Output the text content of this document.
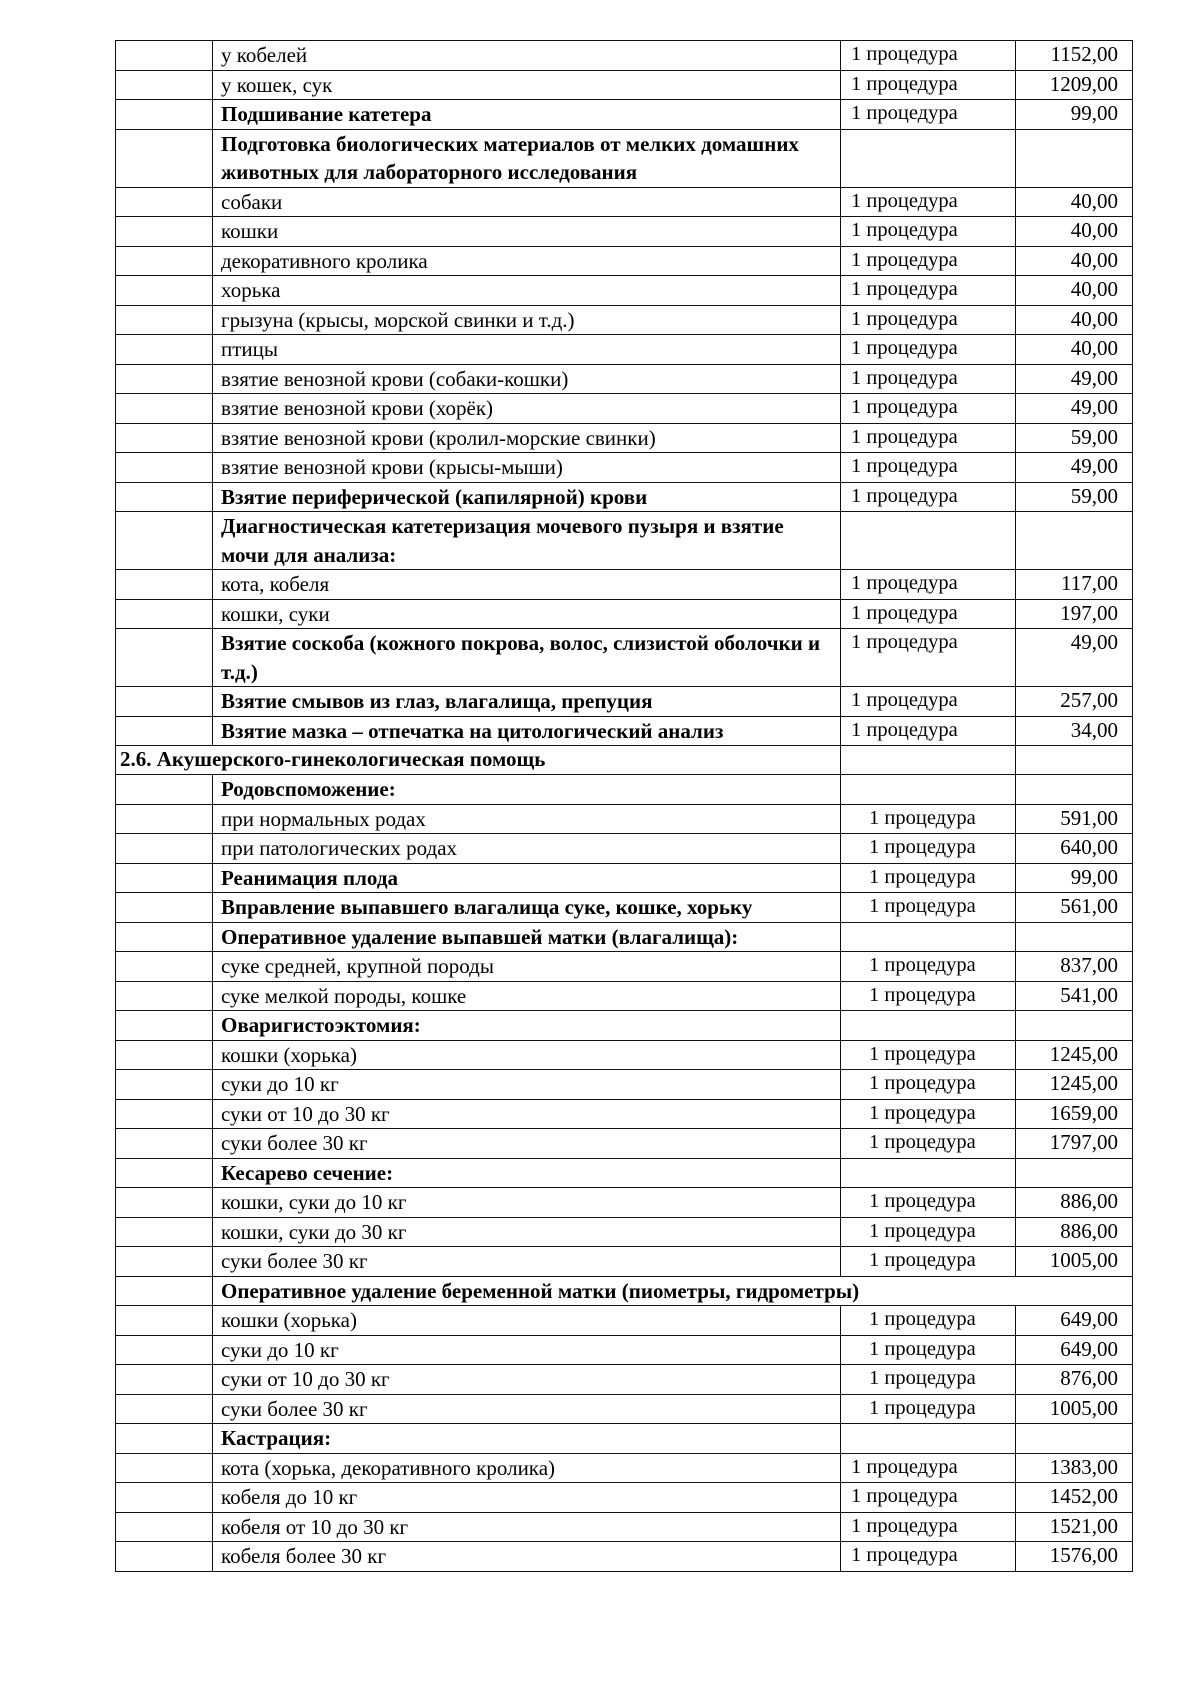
	у кобелей	1 процедура	1152,00
	у кошек, сук	1 процедура	1209,00
	Подшивание катетера	1 процедура	99,00
	Подготовка биологических материалов от мелких домашних животных для лабораторного исследования		
	собаки	1 процедура	40,00
	кошки	1 процедура	40,00
	декоративного кролика	1 процедура	40,00
	хорька	1 процедура	40,00
	грызуна (крысы, морской свинки и т.д.)	1 процедура	40,00
	птицы	1 процедура	40,00
	взятие венозной крови (собаки-кошки)	1 процедура	49,00
	взятие венозной крови (хорёк)	1 процедура	49,00
	взятие венозной крови (кролил-морские свинки)	1 процедура	59,00
	взятие венозной крови (крысы-мыши)	1 процедура	49,00
	Взятие периферической (капилярной) крови	1 процедура	59,00
	Диагностическая катетеризация мочевого пузыря и взятие мочи для анализа:		
	кота, кобеля	1 процедура	117,00
	кошки, суки	1 процедура	197,00
	Взятие соскоба (кожного покрова, волос, слизистой оболочки и т.д.)	1 процедура	49,00
	Взятие смывов из глаз, влагалища, препуция	1 процедура	257,00
	Взятие мазка – отпечатка на цитологический анализ	1 процедура	34,00
2.6. Акушерского-гинекологическая помощь			
	Родовспоможение:		
	при нормальных родах	1 процедура	591,00
	при патологических родах	1 процедура	640,00
	Реанимация плода	1 процедура	99,00
	Вправление выпавшего влагалища суке, кошке, хорьку	1 процедура	561,00
	Оперативное удаление выпавшей матки (влагалища):		
	суке средней, крупной породы	1 процедура	837,00
	суке мелкой породы, кошке	1 процедура	541,00
	Оваригистоэктомия:		
	кошки (хорька)	1 процедура	1245,00
	суки до 10 кг	1 процедура	1245,00
	суки от 10 до 30 кг	1 процедура	1659,00
	суки более 30 кг	1 процедура	1797,00
	Кесарево сечение:		
	кошки, суки до 10 кг	1 процедура	886,00
	кошки, суки до 30 кг	1 процедура	886,00
	суки более 30 кг	1 процедура	1005,00
	Оперативное удаление беременной матки (пиометры, гидрометры)		
	кошки (хорька)	1 процедура	649,00
	суки до 10 кг	1 процедура	649,00
	суки от 10 до 30 кг	1 процедура	876,00
	суки более 30 кг	1 процедура	1005,00
	Кастрация:		
	кота (хорька, декоративного кролика)	1 процедура	1383,00
	кобеля до 10 кг	1 процедура	1452,00
	кобеля от 10 до 30 кг	1 процедура	1521,00
	кобеля более 30 кг	1 процедура	1576,00
